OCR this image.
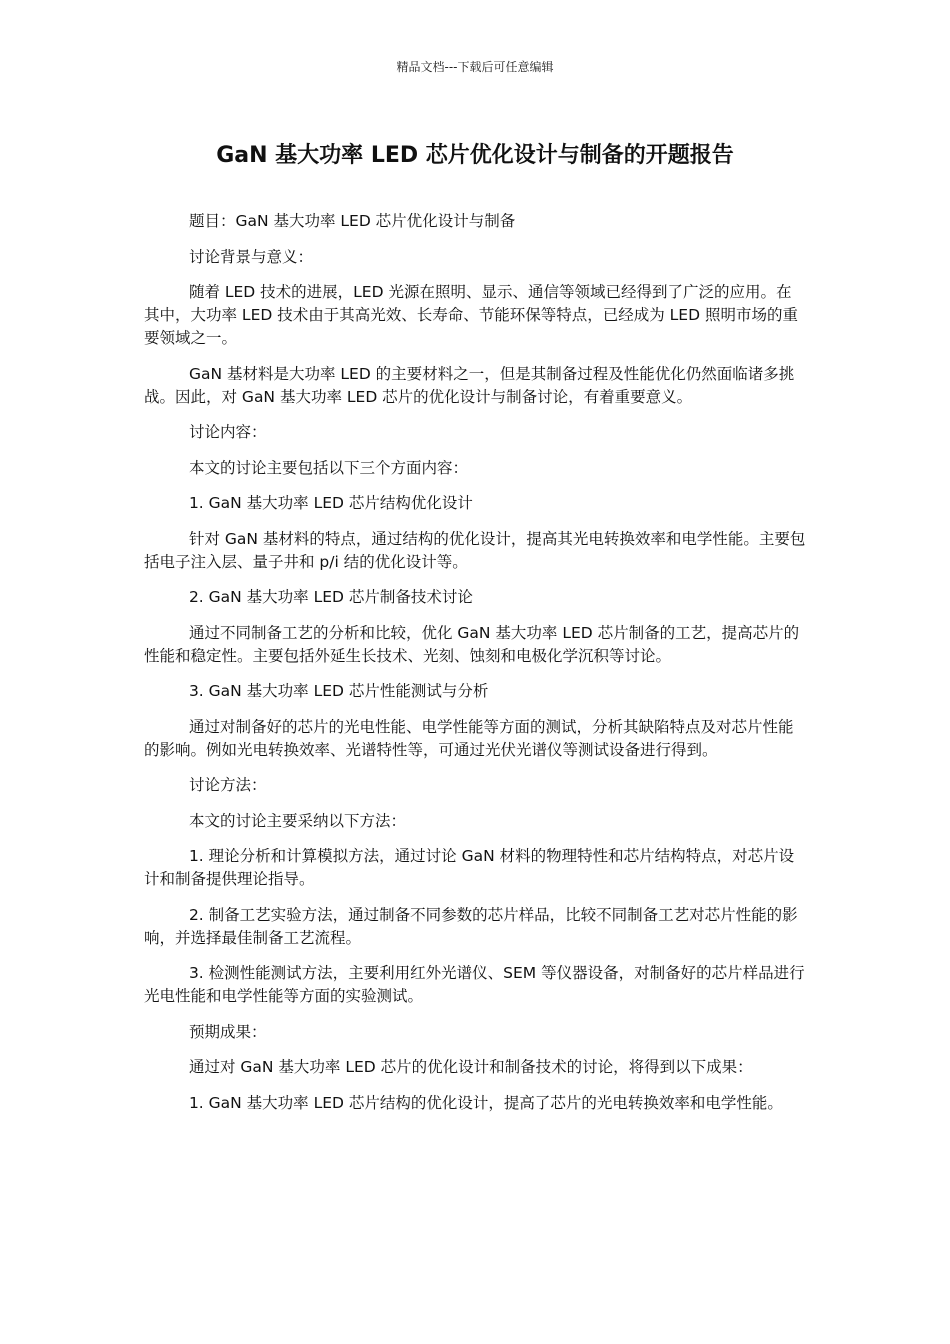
精品文档---下载后可任意编辑
GaN 基大功率 LED 芯片优化设计与制备的开题报告

题目：GaN 基大功率 LED 芯片优化设计与制备

讨论背景与意义：

随着 LED 技术的进展，LED 光源在照明、显示、通信等领域已经得到了广泛的应用。在其中，大功率 LED 技术由于其高光效、长寿命、节能环保等特点，已经成为 LED 照明市场的重要领域之一。

GaN 基材料是大功率 LED 的主要材料之一，但是其制备过程及性能优化仍然面临诸多挑战。因此，对 GaN 基大功率 LED 芯片的优化设计与制备讨论，有着重要意义。

讨论内容：

本文的讨论主要包括以下三个方面内容：

1. GaN 基大功率 LED 芯片结构优化设计

针对 GaN 基材料的特点，通过结构的优化设计，提高其光电转换效率和电学性能。主要包括电子注入层、量子井和 p/i 结的优化设计等。

2. GaN 基大功率 LED 芯片制备技术讨论

通过不同制备工艺的分析和比较，优化 GaN 基大功率 LED 芯片制备的工艺，提高芯片的性能和稳定性。主要包括外延生长技术、光刻、蚀刻和电极化学沉积等讨论。

3. GaN 基大功率 LED 芯片性能测试与分析

通过对制备好的芯片的光电性能、电学性能等方面的测试，分析其缺陷特点及对芯片性能的影响。例如光电转换效率、光谱特性等，可通过光伏光谱仪等测试设备进行得到。

讨论方法：

本文的讨论主要采纳以下方法：

1. 理论分析和计算模拟方法，通过讨论 GaN 材料的物理特性和芯片结构特点，对芯片设计和制备提供理论指导。

2. 制备工艺实验方法，通过制备不同参数的芯片样品，比较不同制备工艺对芯片性能的影响，并选择最佳制备工艺流程。

3. 检测性能测试方法，主要利用红外光谱仪、SEM 等仪器设备，对制备好的芯片样品进行光电性能和电学性能等方面的实验测试。

预期成果：

通过对 GaN 基大功率 LED 芯片的优化设计和制备技术的讨论，将得到以下成果：

1. GaN 基大功率 LED 芯片结构的优化设计，提高了芯片的光电转换效率和电学性能。
